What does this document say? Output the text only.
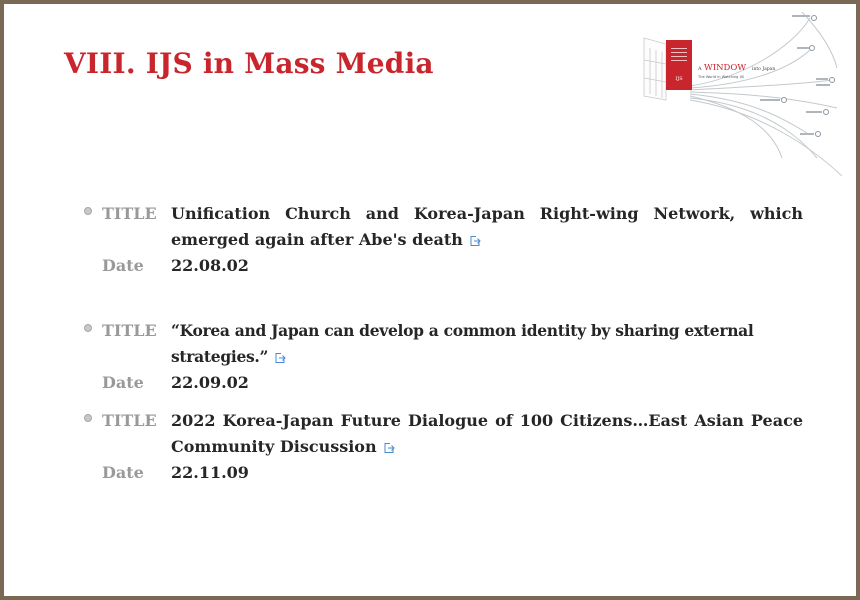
VIII. IJS in Mass Media	IJS
A WINDOW into Japan
The World in Watching IJS
TITLE Unification Church and Korea-Japan Right-wing Network, which emerged again after Abe's death
Date	22.08.02
TITLE “Korea and Japan can develop a common identity by sharing external strategies.”
Date	22.09.02
TITLE 2022 Korea-Japan Future Dialogue of 100 Citizens…East Asian Peace Community Discussion
Date	22.11.09
